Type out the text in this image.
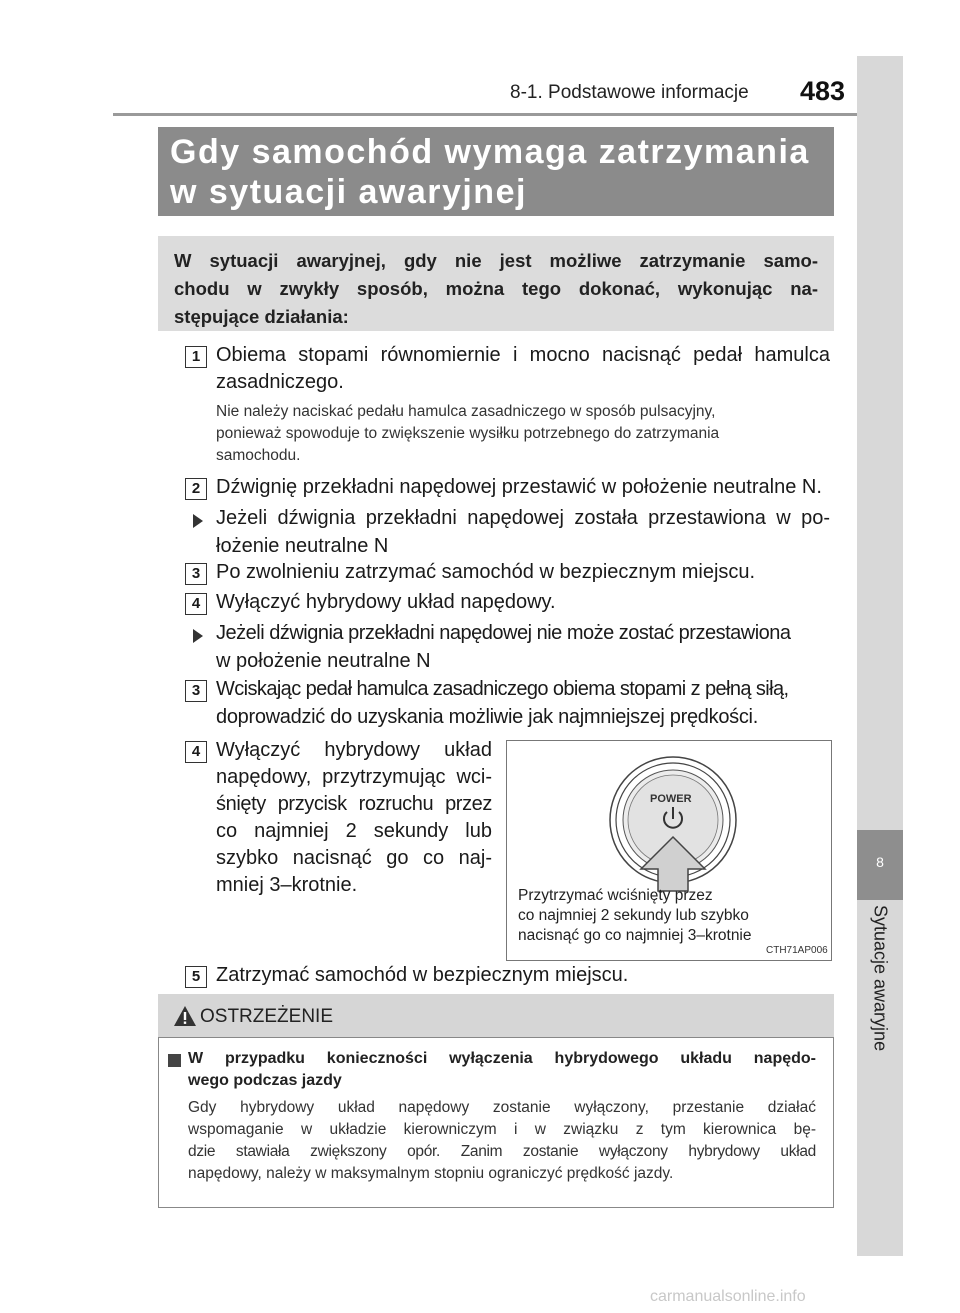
8-1. Podstawowe informacje 483
8
Sytuacje awaryjne
Gdy samochód wymaga zatrzymania
w sytuacji awaryjnej
W sytuacji awaryjnej, gdy nie jest możliwe zatrzymanie samo-
chodu w zwykły sposób, można tego dokonać, wykonując na-
stępujące działania:
1 Obiema stopami równomiernie i mocno nacisnąć pedał hamulca
zasadniczego.
Nie należy naciskać pedału hamulca zasadniczego w sposób pulsacyjny,
ponieważ spowoduje to zwiększenie wysiłku potrzebnego do zatrzymania
samochodu.
2 Dźwignię przekładni napędowej przestawić w położenie neutralne N.
Jeżeli dźwignia przekładni napędowej została przestawiona w po-
łożenie neutralne N
3 Po zwolnieniu zatrzymać samochód w bezpiecznym miejscu.
4 Wyłączyć hybrydowy układ napędowy.
Jeżeli dźwignia przekładni napędowej nie może zostać przestawiona
w położenie neutralne N
3 Wciskając pedał hamulca zasadniczego obiema stopami z pełną siłą,
doprowadzić do uzyskania możliwie jak najmniejszej prędkości.
4 Wyłączyć hybrydowy układ
napędowy, przytrzymując wci-
śnięty przycisk rozruchu przez
co najmniej 2 sekundy lub
szybko nacisnąć go co naj-
mniej 3–krotnie.
POWER
Przytrzymać wciśnięty przez
co najmniej 2 sekundy lub szybko
nacisnąć go co najmniej 3–krotnie
CTH71AP006
5 Zatrzymać samochód w bezpiecznym miejscu.
OSTRZEŻENIE
W przypadku konieczności wyłączenia hybrydowego układu napędo-
wego podczas jazdy
Gdy hybrydowy układ napędowy zostanie wyłączony, przestanie działać
wspomaganie w układzie kierowniczym i w związku z tym kierownica bę-
dzie stawiała zwiększony opór. Zanim zostanie wyłączony hybrydowy układ
napędowy, należy w maksymalnym stopniu ograniczyć prędkość jazdy.
carmanualsonline.info
